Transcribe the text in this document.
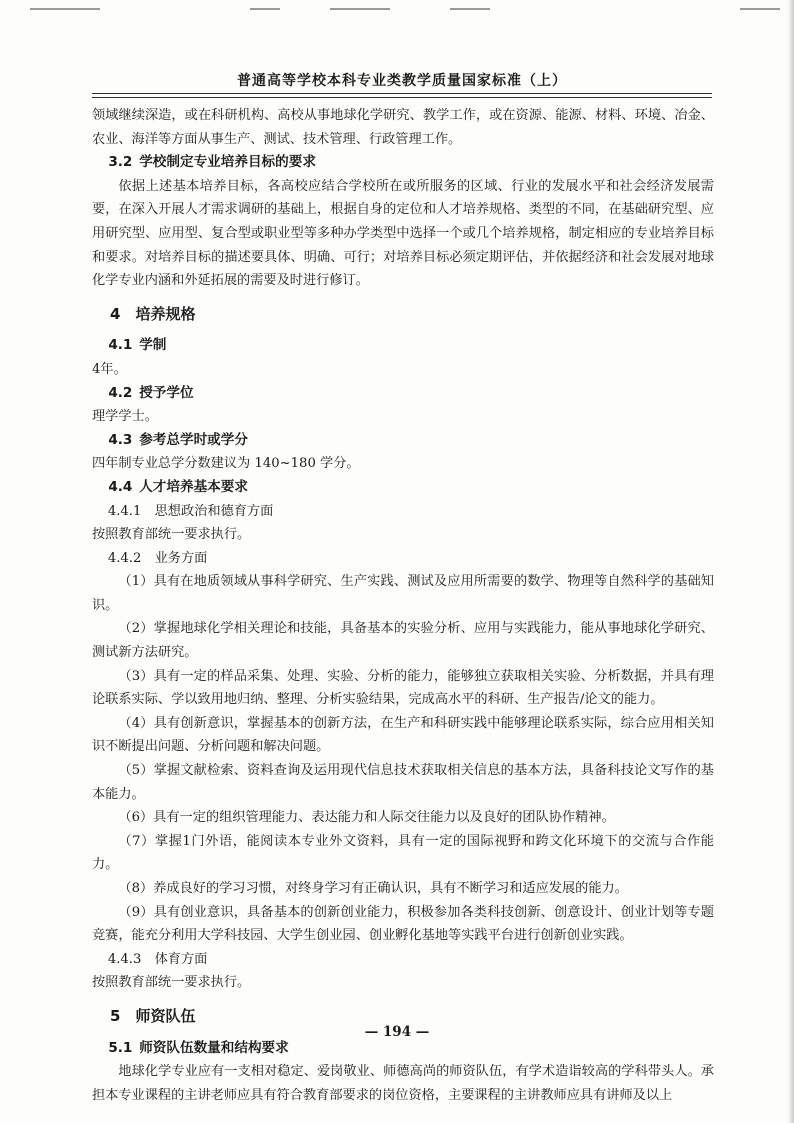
普通高等学校本科专业类教学质量国家标准（上）

领域继续深造，或在科研机构、高校从事地球化学研究、教学工作，或在资源、能源、材料、环境、冶金、农业、海洋等方面从事生产、测试、技术管理、行政管理工作。

3.2 学校制定专业培养目标的要求

依据上述基本培养目标，各高校应结合学校所在或所服务的区域、行业的发展水平和社会经济发展需要，在深入开展人才需求调研的基础上，根据自身的定位和人才培养规格、类型的不同，在基础研究型、应用研究型、应用型、复合型或职业型等多种办学类型中选择一个或几个培养规格，制定相应的专业培养目标和要求。对培养目标的描述要具体、明确、可行；对培养目标必须定期评估，并依据经济和社会发展对地球化学专业内涵和外延拓展的需要及时进行修订。

4 培养规格

4.1 学制

4年。

4.2 授予学位

理学学士。

4.3 参考总学时或学分

四年制专业总学分数建议为 140~180 学分。

4.4 人才培养基本要求

4.4.1　思想政治和德育方面

按照教育部统一要求执行。

4.4.2　业务方面

（1）具有在地质领域从事科学研究、生产实践、测试及应用所需要的数学、物理等自然科学的基础知识。

（2）掌握地球化学相关理论和技能，具备基本的实验分析、应用与实践能力，能从事地球化学研究、测试新方法研究。

（3）具有一定的样品采集、处理、实验、分析的能力，能够独立获取相关实验、分析数据，并具有理论联系实际、学以致用地归纳、整理、分析实验结果，完成高水平的科研、生产报告/论文的能力。

（4）具有创新意识，掌握基本的创新方法，在生产和科研实践中能够理论联系实际，综合应用相关知识不断提出问题、分析问题和解决问题。

（5）掌握文献检索、资料查询及运用现代信息技术获取相关信息的基本方法，具备科技论文写作的基本能力。

（6）具有一定的组织管理能力、表达能力和人际交往能力以及良好的团队协作精神。

（7）掌握1门外语，能阅读本专业外文资料，具有一定的国际视野和跨文化环境下的交流与合作能力。

（8）养成良好的学习习惯，对终身学习有正确认识，具有不断学习和适应发展的能力。

（9）具有创业意识，具备基本的创新创业能力，积极参加各类科技创新、创意设计、创业计划等专题竞赛，能充分利用大学科技园、大学生创业园、创业孵化基地等实践平台进行创新创业实践。

4.4.3　体育方面

按照教育部统一要求执行。

5 师资队伍

5.1 师资队伍数量和结构要求

地球化学专业应有一支相对稳定、爱岗敬业、师德高尚的师资队伍，有学术造诣较高的学科带头人。承担本专业课程的主讲老师应具有符合教育部要求的岗位资格，主要课程的主讲教师应具有讲师及以上

— 194 —
